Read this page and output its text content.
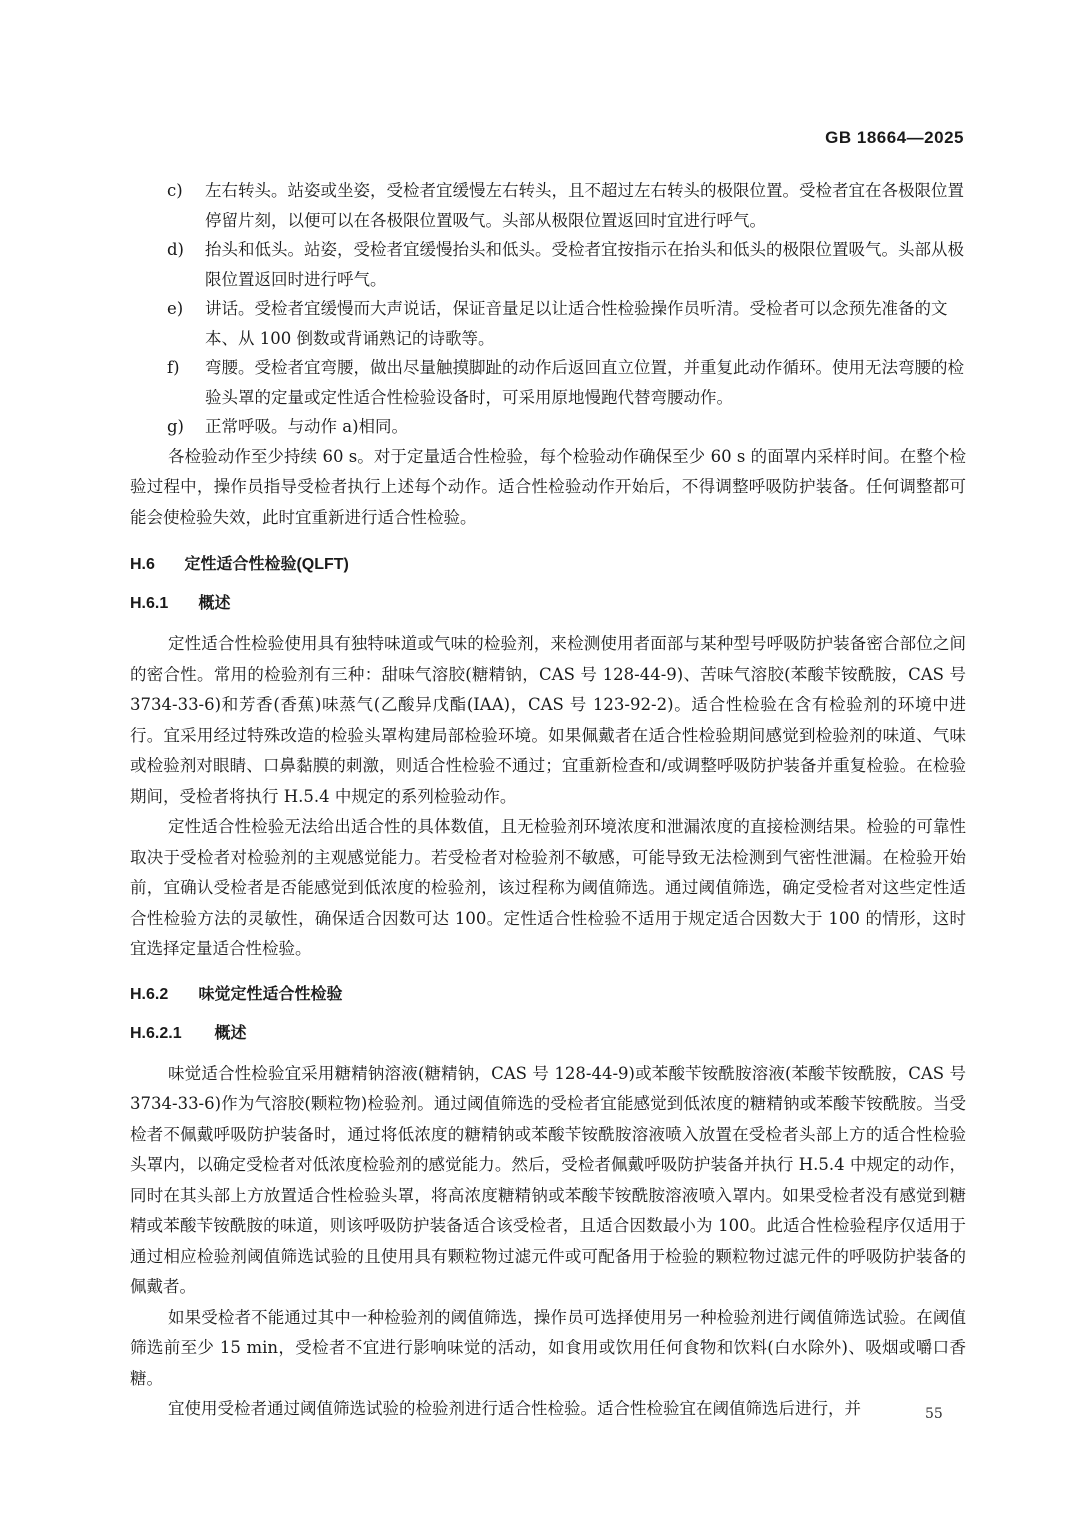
GB 18664—2025
c) 左右转头。站姿或坐姿，受检者宜缓慢左右转头，且不超过左右转头的极限位置。受检者宜在各极限位置停留片刻，以便可以在各极限位置吸气。头部从极限位置返回时宜进行呼气。
d) 抬头和低头。站姿，受检者宜缓慢抬头和低头。受检者宜按指示在抬头和低头的极限位置吸气。头部从极限位置返回时进行呼气。
e) 讲话。受检者宜缓慢而大声说话，保证音量足以让适合性检验操作员听清。受检者可以念预先准备的文本、从 100 倒数或背诵熟记的诗歌等。
f) 弯腰。受检者宜弯腰，做出尽量触摸脚趾的动作后返回直立位置，并重复此动作循环。使用无法弯腰的检验头罩的定量或定性适合性检验设备时，可采用原地慢跑代替弯腰动作。
g) 正常呼吸。与动作 a)相同。

各检验动作至少持续 60 s。对于定量适合性检验，每个检验动作确保至少 60 s 的面罩内采样时间。在整个检验过程中，操作员指导受检者执行上述每个动作。适合性检验动作开始后，不得调整呼吸防护装备。任何调整都可能会使检验失效，此时宜重新进行适合性检验。

H.6 定性适合性检验(QLFT)

H.6.1 概述

定性适合性检验使用具有独特味道或气味的检验剂，来检测使用者面部与某种型号呼吸防护装备密合部位之间的密合性。常用的检验剂有三种：甜味气溶胶(糖精钠，CAS 号 128-44-9)、苦味气溶胶(苯酸苄铵酰胺，CAS 号 3734-33-6)和芳香(香蕉)味蒸气(乙酸异戊酯(IAA)，CAS 号 123-92-2)。适合性检验在含有检验剂的环境中进行。宜采用经过特殊改造的检验头罩构建局部检验环境。如果佩戴者在适合性检验期间感觉到检验剂的味道、气味或检验剂对眼睛、口鼻黏膜的刺激，则适合性检验不通过；宜重新检查和/或调整呼吸防护装备并重复检验。在检验期间，受检者将执行 H.5.4 中规定的系列检验动作。

定性适合性检验无法给出适合性的具体数值，且无检验剂环境浓度和泄漏浓度的直接检测结果。检验的可靠性取决于受检者对检验剂的主观感觉能力。若受检者对检验剂不敏感，可能导致无法检测到气密性泄漏。在检验开始前，宜确认受检者是否能感觉到低浓度的检验剂，该过程称为阈值筛选。通过阈值筛选，确定受检者对这些定性适合性检验方法的灵敏性，确保适合因数可达 100。定性适合性检验不适用于规定适合因数大于 100 的情形，这时宜选择定量适合性检验。

H.6.2 味觉定性适合性检验

H.6.2.1 概述

味觉适合性检验宜采用糖精钠溶液(糖精钠，CAS 号 128-44-9)或苯酸苄铵酰胺溶液(苯酸苄铵酰胺，CAS 号 3734-33-6)作为气溶胶(颗粒物)检验剂。通过阈值筛选的受检者宜能感觉到低浓度的糖精钠或苯酸苄铵酰胺。当受检者不佩戴呼吸防护装备时，通过将低浓度的糖精钠或苯酸苄铵酰胺溶液喷入放置在受检者头部上方的适合性检验头罩内，以确定受检者对低浓度检验剂的感觉能力。然后，受检者佩戴呼吸防护装备并执行 H.5.4 中规定的动作，同时在其头部上方放置适合性检验头罩，将高浓度糖精钠或苯酸苄铵酰胺溶液喷入罩内。如果受检者没有感觉到糖精或苯酸苄铵酰胺的味道，则该呼吸防护装备适合该受检者，且适合因数最小为 100。此适合性检验程序仅适用于通过相应检验剂阈值筛选试验的且使用具有颗粒物过滤元件或可配备用于检验的颗粒物过滤元件的呼吸防护装备的佩戴者。

如果受检者不能通过其中一种检验剂的阈值筛选，操作员可选择使用另一种检验剂进行阈值筛选试验。在阈值筛选前至少 15 min，受检者不宜进行影响味觉的活动，如食用或饮用任何食物和饮料(白水除外)、吸烟或嚼口香糖。

宜使用受检者通过阈值筛选试验的检验剂进行适合性检验。适合性检验宜在阈值筛选后进行，并	55
